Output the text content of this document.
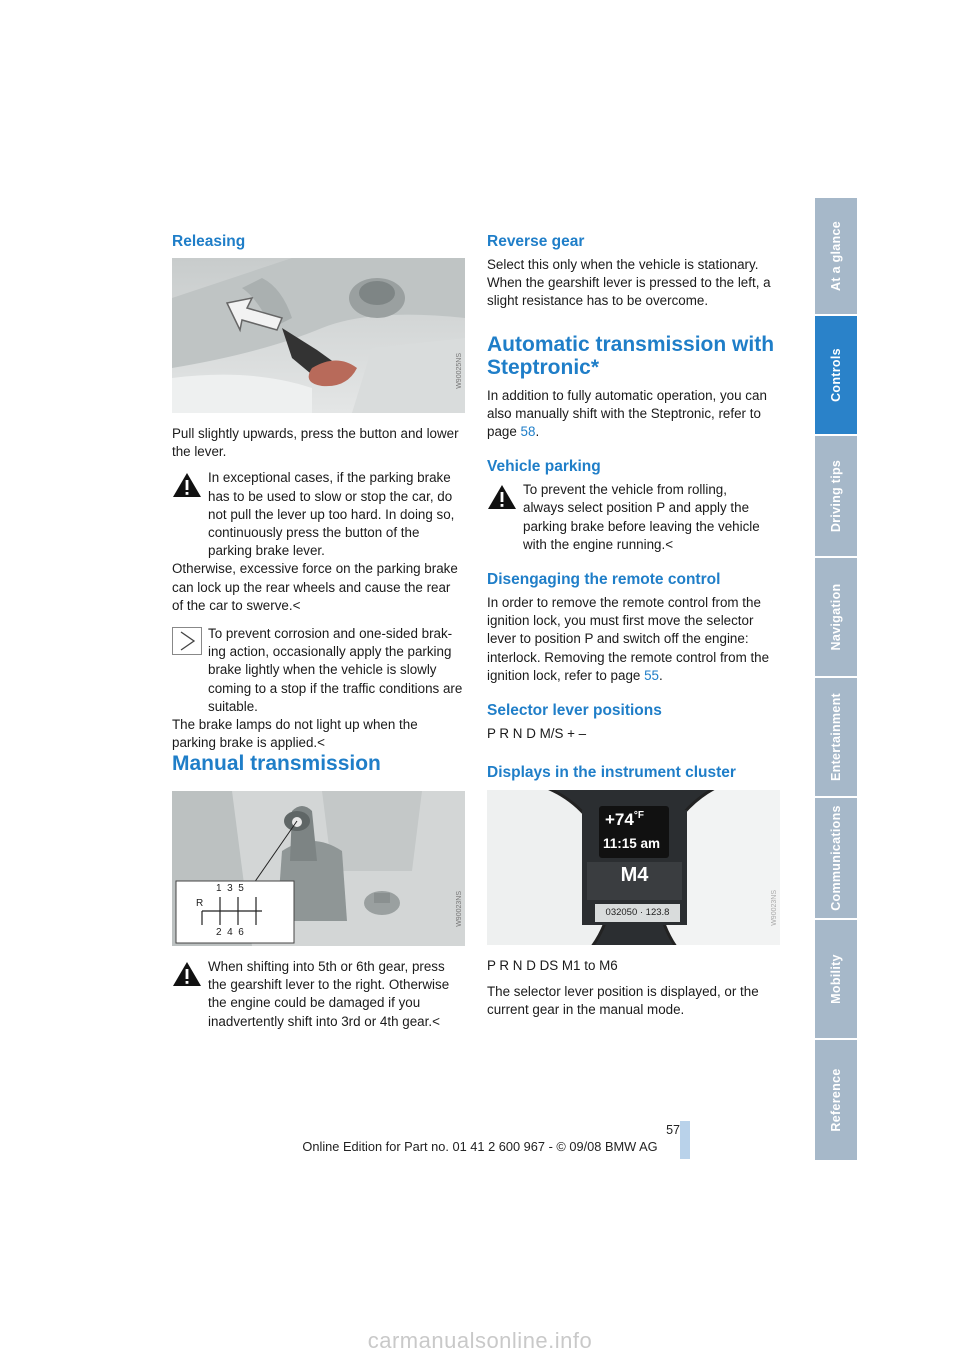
At a glance
Controls
Driving tips
Navigation
Entertainment
Communications
Mobility
Reference
Releasing
W90025NS

Pull slightly upwards, press the button and lower the lever.

In exceptional cases, if the parking brake
has to be used to slow or stop the car, do not pull the lever up too hard. In doing so, continuously press the button of the parking brake lever.
Otherwise, excessive force on the parking brake can lock up the rear wheels and cause the rear of the car to swerve.<
To prevent corrosion and one-sided brak-
ing action, occasionally apply the parking brake lightly when the vehicle is slowly coming to a stop if the traffic conditions are suitable.
The brake lamps do not light up when the parking brake is applied.<
Manual transmission
1  3  5
R
2  4  6
W90023NS
When shifting into 5th or 6th gear, press
the gearshift lever to the right. Otherwise the engine could be damaged if you inadvertently shift into 3rd or 4th gear.<
Reverse gear

Select this only when the vehicle is stationary. When the gearshift lever is pressed to the left, a slight resistance has to be overcome.

Automatic transmission with
Steptronic*

In addition to fully automatic operation, you can also manually shift with the Steptronic, refer to page 58.

Vehicle parking
To prevent the vehicle from rolling,
always select position P and apply the parking brake before leaving the vehicle with the engine running.<
Disengaging the remote control

In order to remove the remote control from the ignition lock, you must first move the selector lever to position P and switch off the engine: interlock. Removing the remote control from the ignition lock, refer to page 55.

Selector lever positions

P R N D M/S + –

Displays in the instrument cluster
$+74^{^\circ F}$
11:15 am
M4
032050 · 123.8	W90023NS

P R N D DS M1 to M6

The selector lever position is displayed, or the current gear in the manual mode.

57
Online Edition for Part no. 01 41 2 600 967 - © 09/08 BMW AG
carmanualsonline.info
